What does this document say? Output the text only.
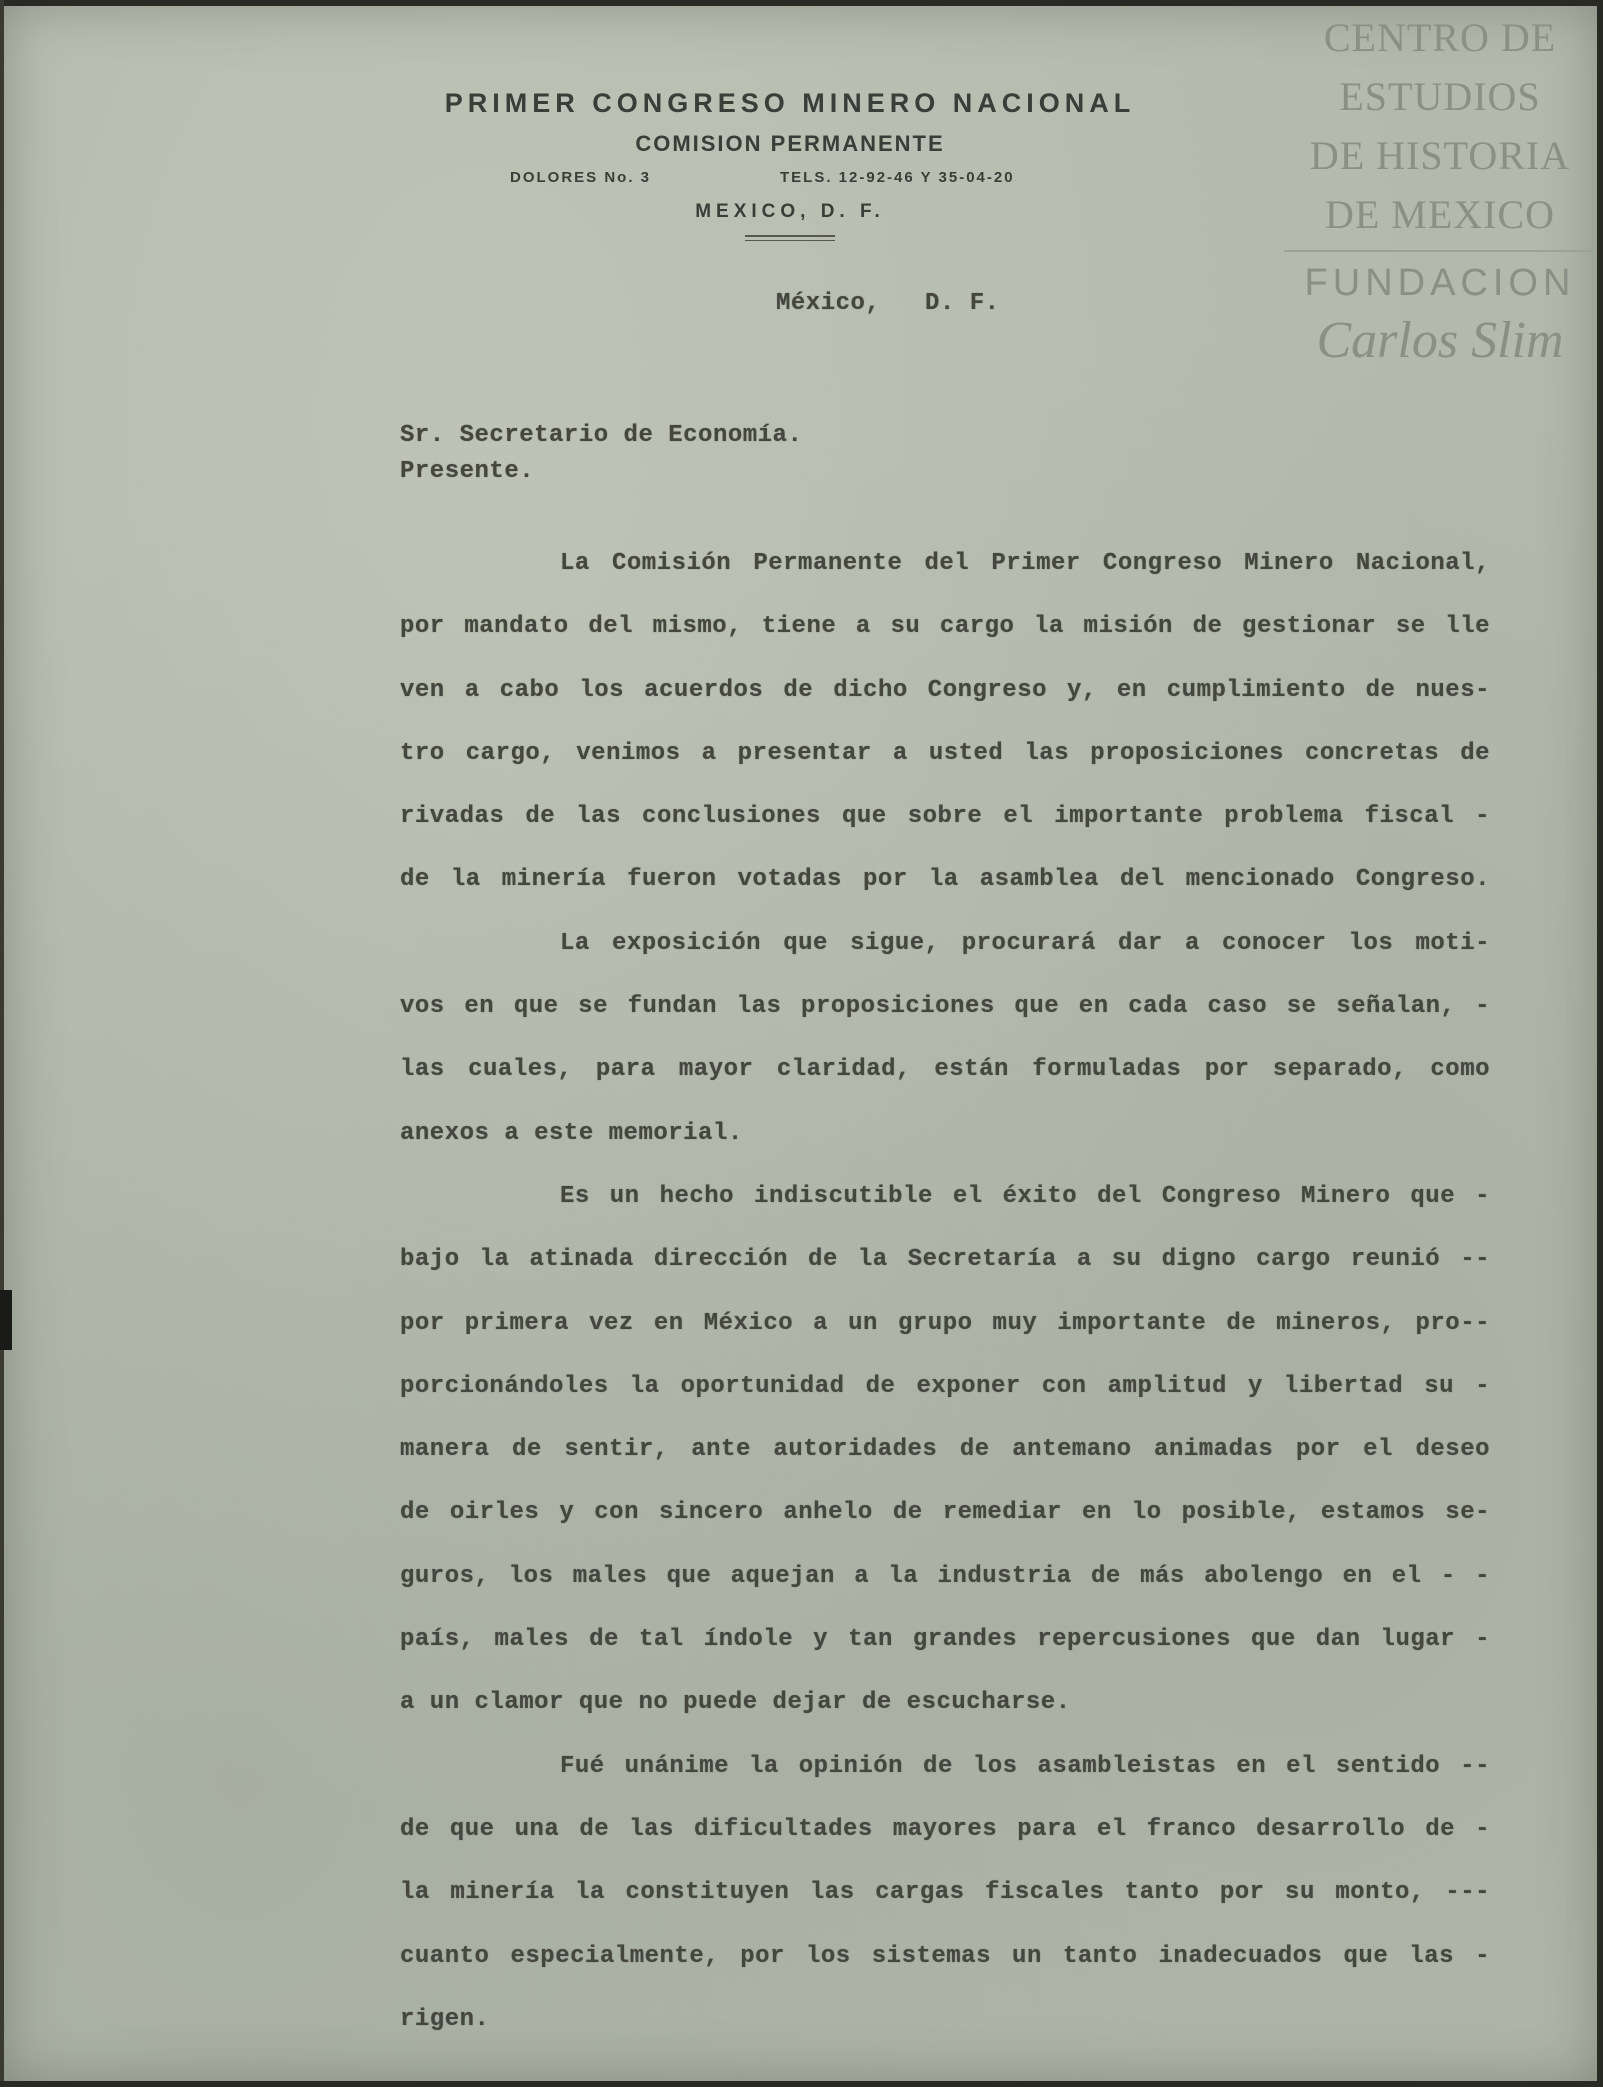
PRIMER CONGRESO MINERO NACIONAL
COMISION PERMANENTE
DOLORES No. 3	TELS. 12-92-46 Y 35-04-20
MEXICO, D. F.
CENTRO DE
ESTUDIOS
DE HISTORIA
DE MEXICO
FUNDACION
Carlos Slim
México,   D. F.
Sr. Secretario de Economía.
Presente.
La Comisión Permanente del Primer Congreso Minero Nacional,
por mandato del mismo, tiene a su cargo la misión de gestionar se lle
ven a cabo los acuerdos de dicho Congreso y, en cumplimiento de nues-
tro cargo, venimos a presentar a usted las proposiciones concretas de
rivadas de las conclusiones que sobre el importante problema fiscal -
de la minería fueron votadas por la asamblea del mencionado Congreso.
La exposición que sigue, procurará dar a conocer los moti-
vos en que se fundan las proposiciones que en cada caso se señalan, -
las cuales, para mayor claridad, están formuladas por separado, como
anexos a este memorial.
Es un hecho indiscutible el éxito del Congreso Minero que -
bajo la atinada dirección de la Secretaría a su digno cargo reunió --
por primera vez en México a un grupo muy importante de mineros, pro--
porcionándoles la oportunidad de exponer con amplitud y libertad su -
manera de sentir, ante autoridades de antemano animadas por el deseo
de oirles y con sincero anhelo de remediar en lo posible, estamos se-
guros, los males que aquejan a la industria de más abolengo en el - -
país, males de tal índole y tan grandes repercusiones que dan lugar -
a un clamor que no puede dejar de escucharse.
Fué unánime la opinión de los asambleistas en el sentido --
de que una de las dificultades mayores para el franco desarrollo de -
la minería la constituyen las cargas fiscales tanto por su monto, ---
cuanto especialmente, por los sistemas un tanto inadecuados que las -
rigen.
